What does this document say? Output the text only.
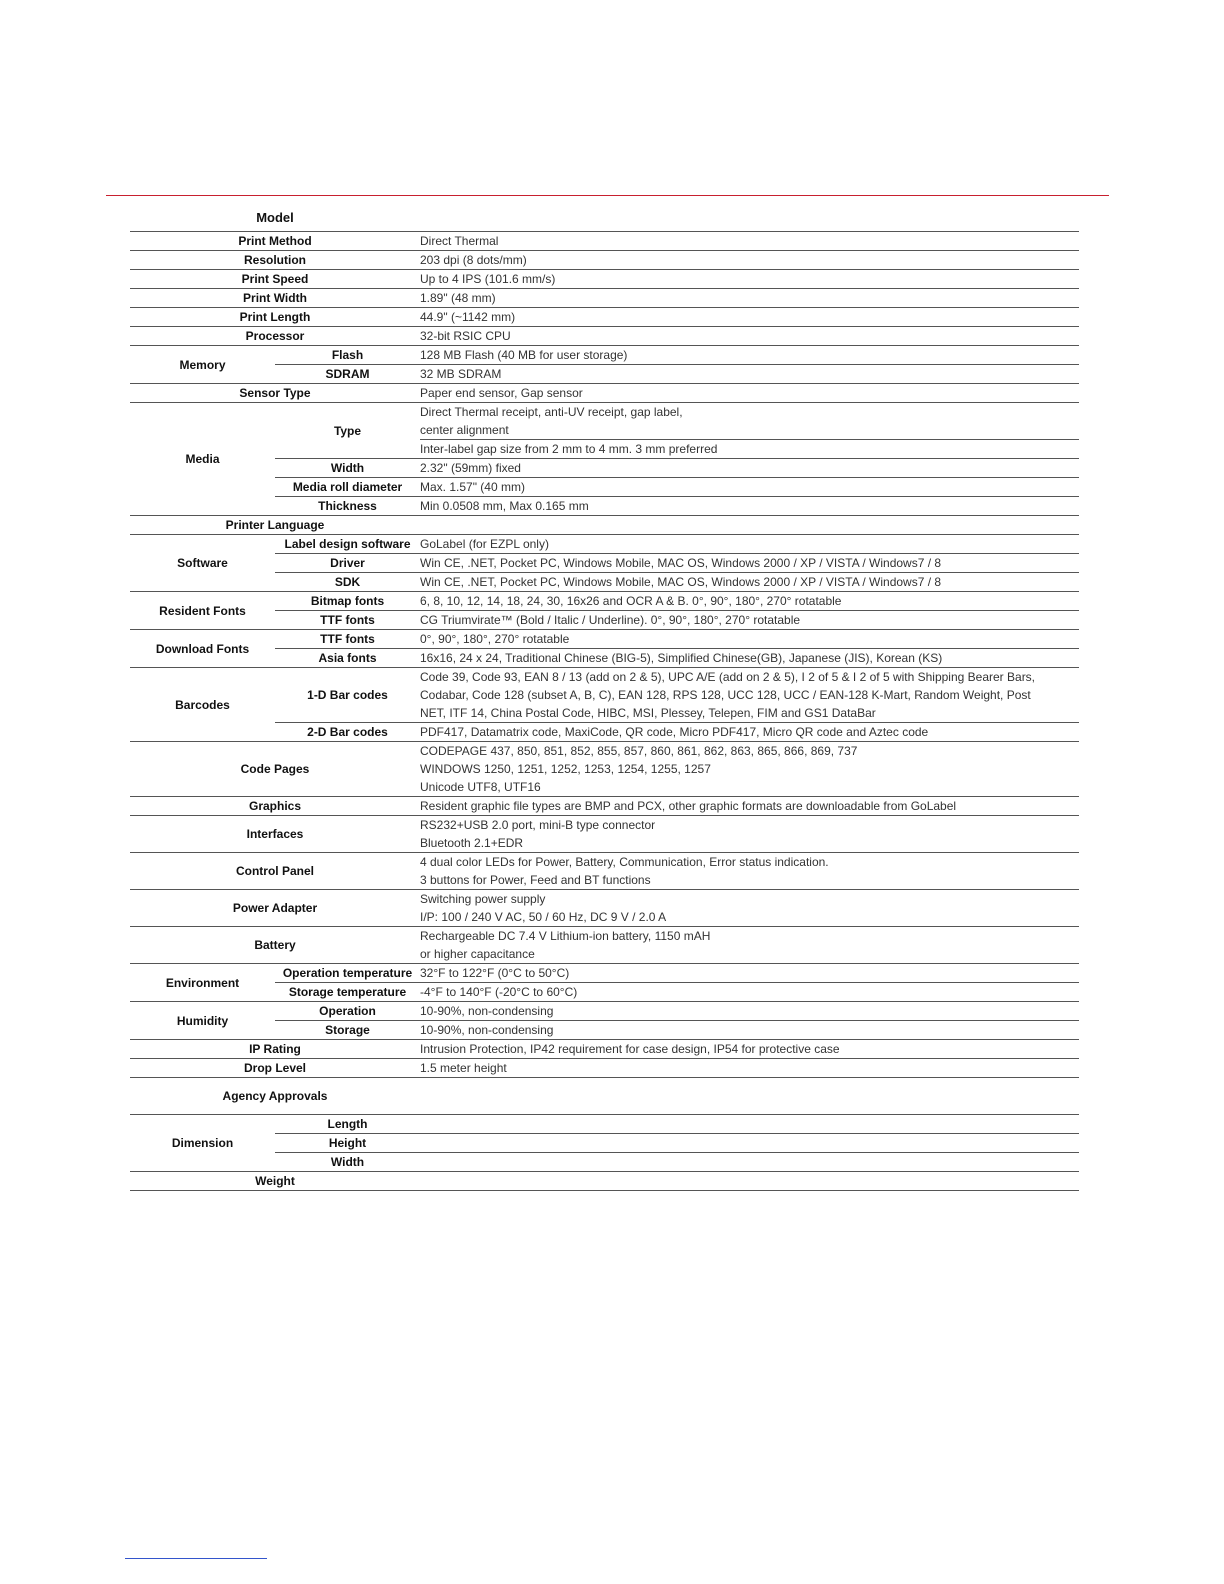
Model		
Print Method		Direct Thermal
Resolution		203 dpi (8 dots/mm)
Print Speed		Up to 4 IPS (101.6 mm/s)
Print Width		1.89" (48 mm)
Print Length		44.9" (~1142 mm)
Processor		32-bit RSIC CPU
Memory	Flash	128 MB Flash (40 MB for user storage)
	SDRAM	32 MB SDRAM
Sensor Type		Paper end sensor, Gap sensor
Media	Type	Direct Thermal receipt, anti-UV receipt, gap label,
		center alignment
		Inter-label gap size from 2 mm to 4 mm. 3 mm preferred
	Width	2.32" (59mm) fixed
	Media roll diameter	Max. 1.57" (40 mm)
	Thickness	Min 0.0508 mm, Max 0.165 mm
Printer Language		
Software	Label design software	GoLabel (for EZPL only)
	Driver	Win CE, .NET, Pocket PC, Windows Mobile, MAC OS, Windows 2000 / XP / VISTA / Windows7 / 8
	SDK	Win CE, .NET, Pocket PC, Windows Mobile, MAC OS, Windows 2000 / XP / VISTA / Windows7 / 8
Resident Fonts	Bitmap fonts	6, 8, 10, 12, 14, 18, 24, 30, 16x26 and OCR A & B. 0°, 90°, 180°, 270° rotatable
	TTF fonts	CG Triumvirate™ (Bold / Italic / Underline). 0°, 90°, 180°, 270° rotatable
Download Fonts	TTF fonts	0°, 90°, 180°, 270° rotatable
	Asia fonts	16x16, 24 x 24, Traditional Chinese (BIG-5), Simplified Chinese(GB), Japanese (JIS), Korean (KS)
Barcodes	1-D Bar codes	Code 39, Code 93, EAN 8 / 13 (add on 2 & 5), UPC A/E (add on 2 & 5), I 2 of 5 & I 2 of 5 with Shipping Bearer Bars,
		Codabar, Code 128 (subset A, B, C), EAN 128, RPS 128, UCC 128, UCC / EAN-128 K-Mart, Random Weight, Post
		NET, ITF 14, China Postal Code, HIBC, MSI, Plessey, Telepen, FIM and GS1 DataBar
	2-D Bar codes	PDF417, Datamatrix code, MaxiCode, QR code, Micro PDF417, Micro QR code and Aztec code
Code Pages		CODEPAGE 437, 850, 851, 852, 855, 857, 860, 861, 862, 863, 865, 866, 869, 737
		WINDOWS 1250, 1251, 1252, 1253, 1254, 1255, 1257
		Unicode UTF8, UTF16
Graphics		Resident graphic file types are BMP and PCX, other graphic formats are downloadable from GoLabel
Interfaces		RS232+USB 2.0 port, mini-B type connector
		Bluetooth 2.1+EDR
Control Panel		4 dual color LEDs for Power, Battery, Communication, Error status indication.
		3 buttons for Power, Feed and BT functions
Power Adapter		Switching power supply
		I/P: 100 / 240 V AC, 50 / 60 Hz, DC 9 V / 2.0 A
Battery		Rechargeable DC 7.4 V Lithium-ion battery, 1150 mAH
		or higher capacitance
Environment	Operation temperature	32°F to 122°F (0°C to 50°C)
	Storage temperature	-4°F to 140°F (-20°C to 60°C)
Humidity	Operation	10-90%, non-condensing
	Storage	10-90%, non-condensing
IP Rating		Intrusion Protection, IP42 requirement for case design, IP54 for protective case
Drop Level		1.5 meter height
Agency Approvals		
Dimension	Length	
	Height	
	Width	
Weight		
